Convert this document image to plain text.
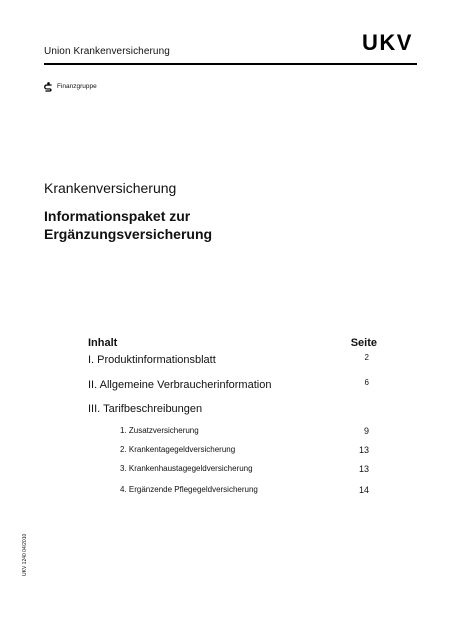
Union Krankenversicherung	UKV
Finanzgruppe
Krankenversicherung
Informationspaket zur
Ergänzungsversicherung
Inhalt	Seite
I. Produktinformationsblatt	2
II. Allgemeine Verbraucherinformation	6
III. Tarifbeschreibungen
1. Zusatzversicherung	9
2. Krankentagegeldversicherung	13
3. Krankenhaustagegeldversicherung	13
4. Ergänzende Pflegegeldversicherung	14
UKV 1240 04/2010
